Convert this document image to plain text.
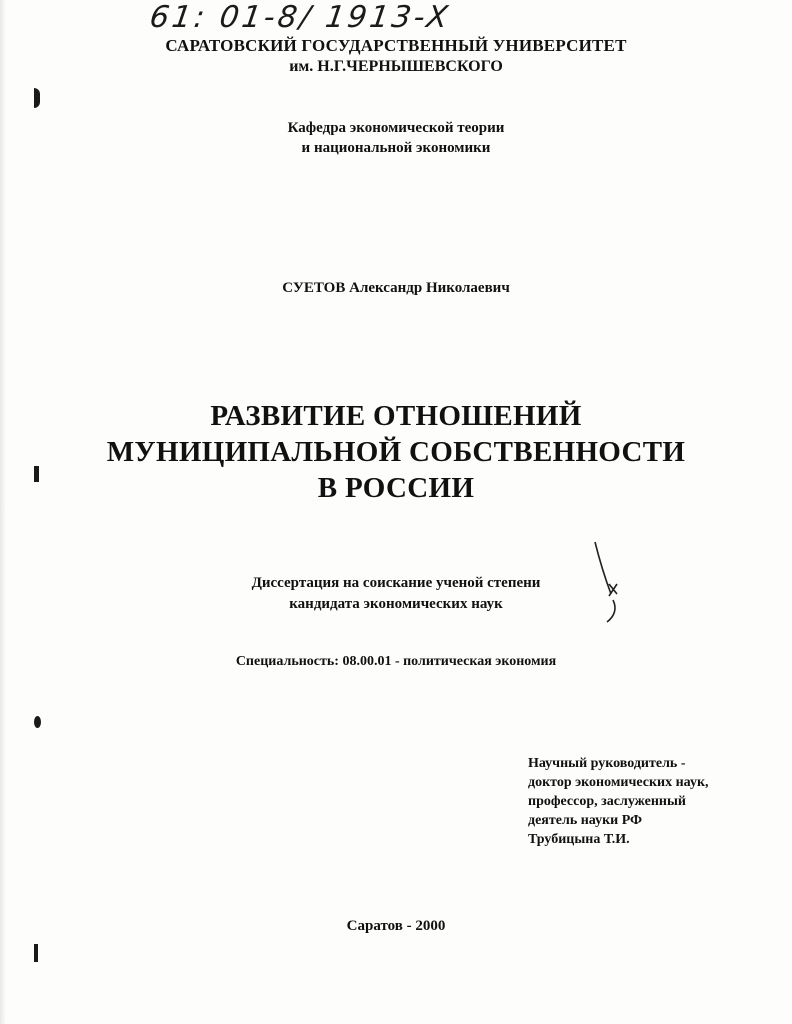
61: 01-8/ 1913-X
САРАТОВСКИЙ ГОСУДАРСТВЕННЫЙ УНИВЕРСИТЕТ
им. Н.Г.ЧЕРНЫШЕВСКОГО
Кафедра экономической теории
и национальной экономики
СУЕТОВ Александр Николаевич
РАЗВИТИЕ ОТНОШЕНИЙ
МУНИЦИПАЛЬНОЙ СОБСТВЕННОСТИ
В РОССИИ
Диссертация на соискание ученой степени
кандидата экономических наук
Специальность: 08.00.01 - политическая экономия
Научный руководитель -
доктор экономических наук,
профессор, заслуженный
деятель науки РФ
Трубицына Т.И.
Саратов - 2000
